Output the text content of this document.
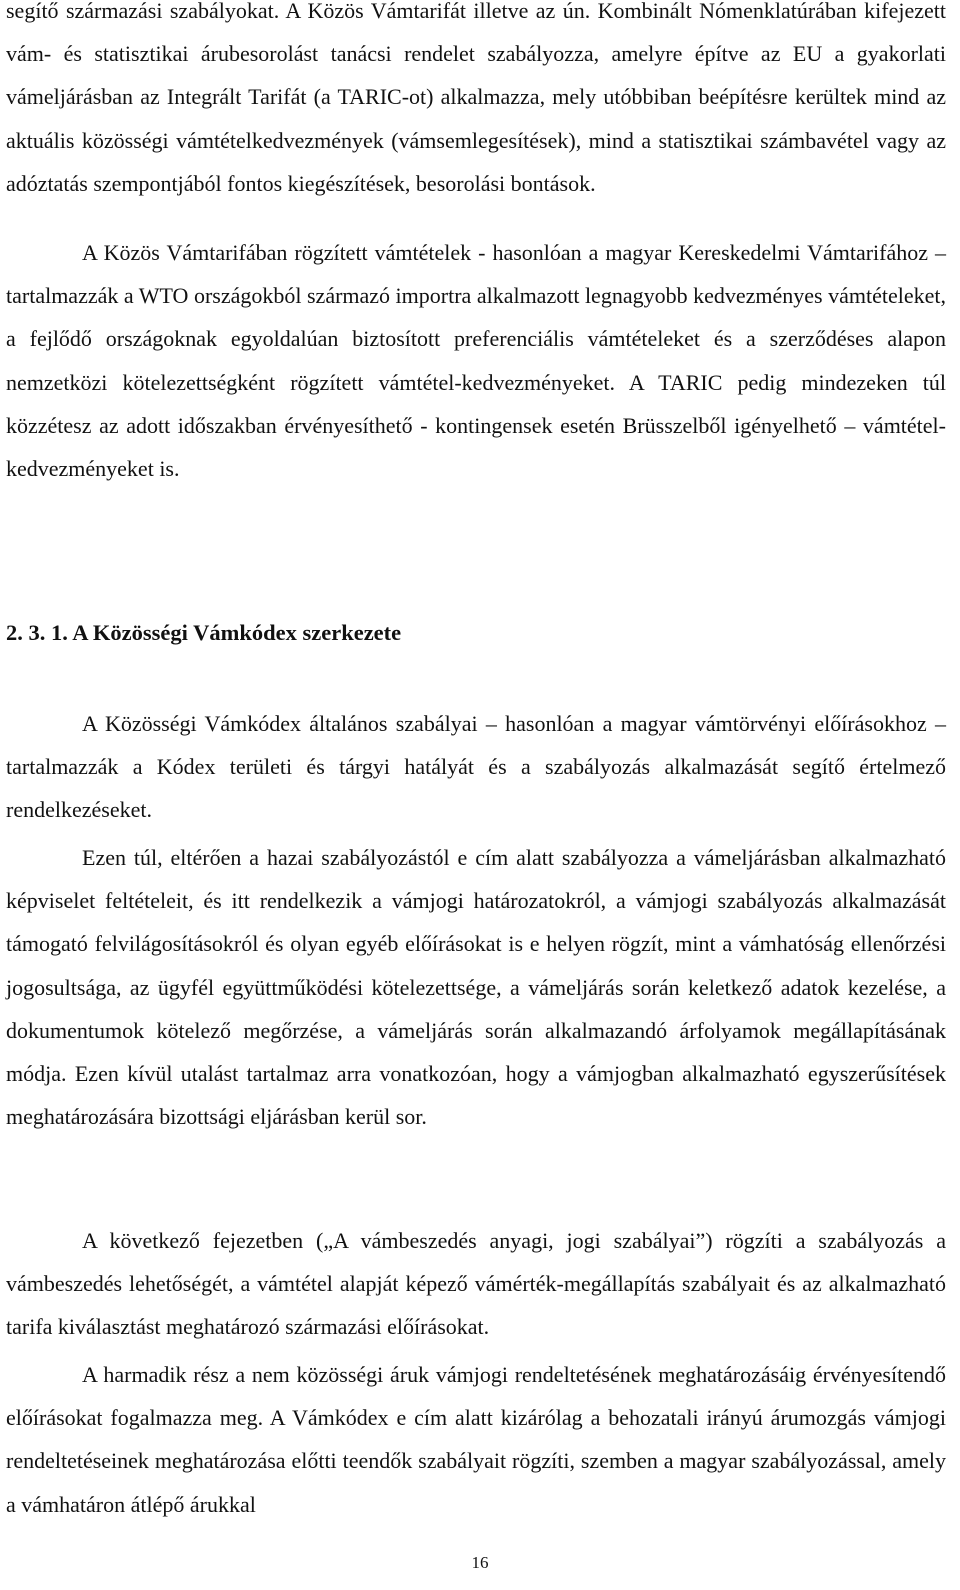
segítő származási szabályokat. A Közös Vámtarifát illetve az ún. Kombinált Nómenklatúrában kifejezett vám- és statisztikai árubesorolást tanácsi rendelet szabályozza, amelyre építve az EU a gyakorlati vámeljárásban az Integrált Tarifát (a TARIC-ot) alkalmazza, mely utóbbiban beépítésre kerültek mind az aktuális közösségi vámtételkedvezmények (vámsemlegesítések), mind a statisztikai számbavétel vagy az adóztatás szempontjából fontos kiegészítések, besorolási bontások.

A Közös Vámtarifában rögzített vámtételek - hasonlóan a magyar Kereskedelmi Vámtarifához – tartalmazzák a WTO országokból származó importra alkalmazott legnagyobb kedvezményes vámtételeket, a fejlődő országoknak egyoldalúan biztosított preferenciális vámtételeket és a szerződéses alapon nemzetközi kötelezettségként rögzített vámtétel-kedvezményeket. A TARIC pedig mindezeken túl közzétesz az adott időszakban érvényesíthető - kontingensek esetén Brüsszelből igényelhető – vámtétel-kedvezményeket is.

2. 3. 1. A Közösségi Vámkódex szerkezete

A Közösségi Vámkódex általános szabályai – hasonlóan a magyar vámtörvényi előírásokhoz – tartalmazzák a Kódex területi és tárgyi hatályát és a szabályozás alkalmazását segítő értelmező rendelkezéseket.

Ezen túl, eltérően a hazai szabályozástól e cím alatt szabályozza a vámeljárásban alkalmazható képviselet feltételeit, és itt rendelkezik a vámjogi határozatokról, a vámjogi szabályozás alkalmazását támogató felvilágosításokról és olyan egyéb előírásokat is e helyen rögzít, mint a vámhatóság ellenőrzési jogosultsága, az ügyfél együttműködési kötelezettsége, a vámeljárás során keletkező adatok kezelése, a dokumentumok kötelező megőrzése, a vámeljárás során alkalmazandó árfolyamok megállapításának módja. Ezen kívül utalást tartalmaz arra vonatkozóan, hogy a vámjogban alkalmazható egyszerűsítések meghatározására bizottsági eljárásban kerül sor.

A következő fejezetben („A vámbeszedés anyagi, jogi szabályai”) rögzíti a szabályozás a vámbeszedés lehetőségét, a vámtétel alapját képező vámérték-megállapítás szabályait és az alkalmazható tarifa kiválasztást meghatározó származási előírásokat.

A harmadik rész a nem közösségi áruk vámjogi rendeltetésének meghatározásáig érvényesítendő előírásokat fogalmazza meg. A Vámkódex e cím alatt kizárólag a behozatali irányú árumozgás vámjogi rendeltetéseinek meghatározása előtti teendők szabályait rögzíti, szemben a magyar szabályozással, amely a vámhatáron átlépő árukkal

16
